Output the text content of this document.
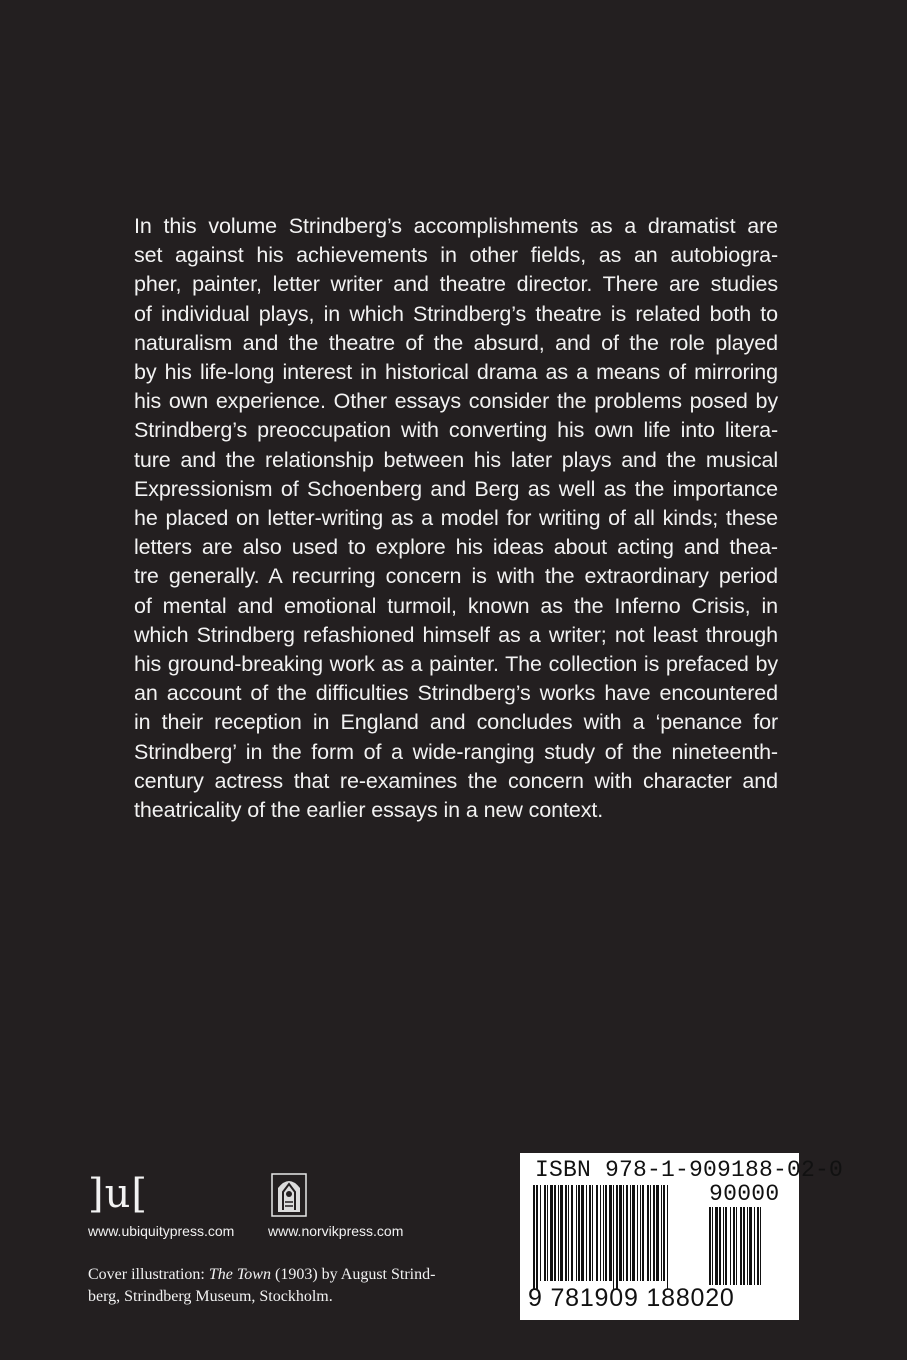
In this volume Strindberg’s accomplishments as a dramatist are
set against his achievements in other fields, as an autobiogra-
pher, painter, letter writer and theatre director. There are studies
of individual plays, in which Strindberg’s theatre is related both to
naturalism and the theatre of the absurd, and of the role played
by his life-long interest in historical drama as a means of mirroring
his own experience. Other essays consider the problems posed by
Strindberg’s preoccupation with converting his own life into litera-
ture and the relationship between his later plays and the musical
Expressionism of Schoenberg and Berg as well as the importance
he placed on letter-writing as a model for writing of all kinds; these
letters are also used to explore his ideas about acting and thea-
tre generally. A recurring concern is with the extraordinary period
of mental and emotional turmoil, known as the Inferno Crisis, in
which Strindberg refashioned himself as a writer; not least through
his ground-breaking work as a painter. The collection is prefaced by
an account of the difficulties Strindberg’s works have encountered
in their reception in England and concludes with a ‘penance for
Strindberg’ in the form of a wide-ranging study of the nineteenth-
century actress that re-examines the concern with character and
theatricality of the earlier essays in a new context.
]u[
www.ubiquitypress.com www.norvikpress.com
Cover illustration: The Town (1903) by August Strind-
berg, Strindberg Museum, Stockholm.
ISBN 978-1-909188-02-0
90000
9 781909 188020
